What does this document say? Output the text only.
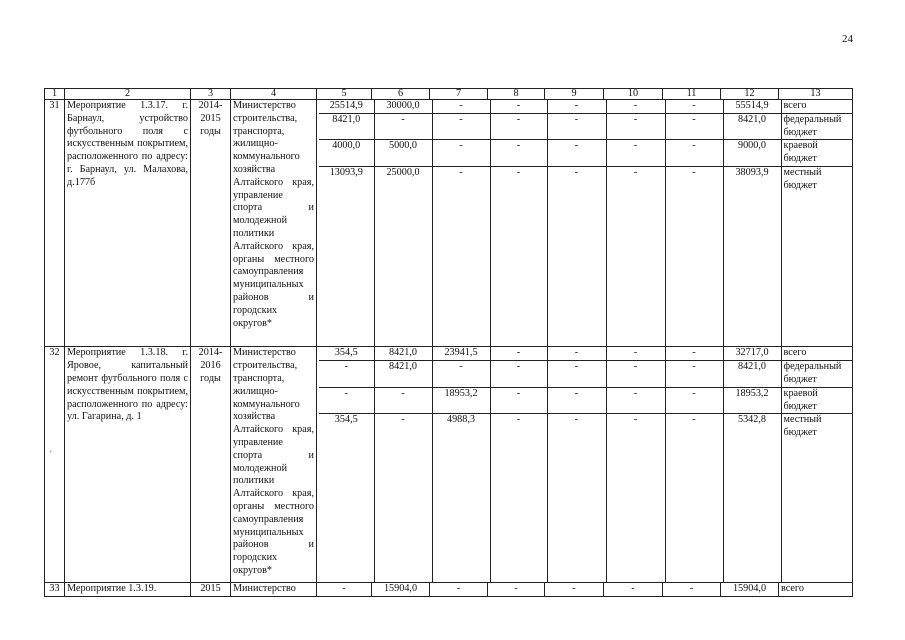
24
'
1	2	3	4	5	6	7	8	9	10	11	12	13
31	Мероприятие 1.3.17. г. Барнаул, устройство футбольного поля с искусственным покрытием, расположенного по адресу: г. Барнаул, ул. Малахова, д.177б	2014-2015 годы	Министерство строительства, транспорта, жилищно-коммунального хозяйства Алтайского края, управление спорта и молодежной политики Алтайского края, органы местного самоуправления муниципальных районов и городских округов*	
25514,9	30000,0	-	-	-	-	-	55514,9	всего
8421,0	-	-	-	-	-	-	8421,0	федеральный бюджет
4000,0	5000,0	-	-	-	-	-	9000,0	краевой бюджет
13093,9	25000,0	-	-	-	-	-	38093,9	местный бюджет

32	Мероприятие 1.3.18. г. Яровое, капитальный ремонт футбольного поля с искусственным покрытием, расположенного по адресу: ул. Гагарина, д. 1	2014-2016 годы	Министерство строительства, транспорта, жилищно-коммунального хозяйства Алтайского края, управление спорта и молодежной политики Алтайского края, органы местного самоуправления муниципальных районов и городских округов*	
354,5	8421,0	23941,5	-	-	-	-	32717,0	всего
-	8421,0	-	-	-	-	-	8421,0	федеральный бюджет
-	-	18953,2	-	-	-	-	18953,2	краевой бюджет
354,5	-	4988,3	-	-	-	-	5342,8	местный бюджет

33	Мероприятие 1.3.19.	2015	Министерство	-	15904,0	-	-	-	-	-	15904,0	всего
